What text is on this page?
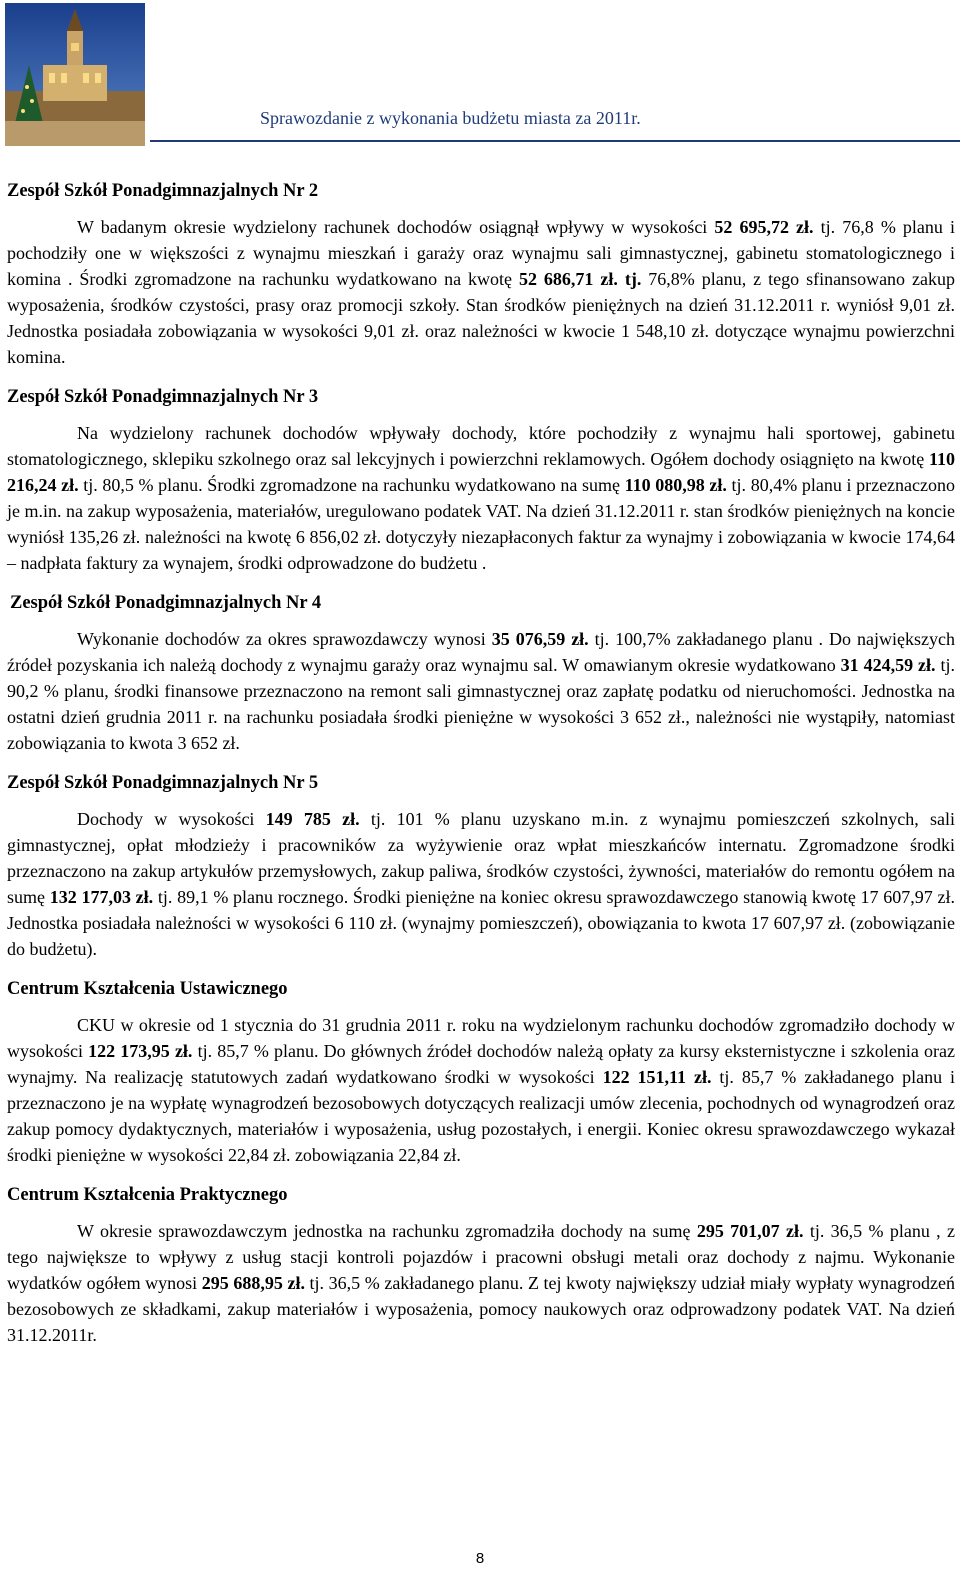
Sprawozdanie z wykonania budżetu miasta za 2011r.
Zespół Szkół Ponadgimnazjalnych Nr 2

W badanym okresie wydzielony rachunek dochodów osiągnął wpływy w wysokości 52 695,72 zł. tj. 76,8 % planu i pochodziły one w większości z wynajmu mieszkań i garaży oraz wynajmu sali gimnastycznej, gabinetu stomatologicznego i komina . Środki zgromadzone na rachunku wydatkowano na kwotę 52 686,71 zł. tj. 76,8% planu, z tego sfinansowano zakup wyposażenia, środków czystości, prasy oraz promocji szkoły. Stan środków pieniężnych na dzień 31.12.2011 r. wyniósł 9,01 zł. Jednostka posiadała zobowiązania w wysokości 9,01 zł. oraz należności w kwocie 1 548,10 zł. dotyczące wynajmu powierzchni komina.

Zespół Szkół Ponadgimnazjalnych Nr 3

Na wydzielony rachunek dochodów wpływały dochody, które pochodziły z wynajmu hali sportowej, gabinetu stomatologicznego, sklepiku szkolnego oraz sal lekcyjnych i powierzchni reklamowych. Ogółem dochody osiągnięto na kwotę 110 216,24 zł. tj. 80,5 % planu. Środki zgromadzone na rachunku wydatkowano na sumę 110 080,98 zł. tj. 80,4% planu i przeznaczono je m.in. na zakup wyposażenia, materiałów, uregulowano podatek VAT. Na dzień 31.12.2011 r. stan środków pieniężnych na koncie wyniósł 135,26 zł. należności na kwotę 6 856,02 zł. dotyczyły niezapłaconych faktur za wynajmy i zobowiązania w kwocie 174,64 – nadpłata faktury za wynajem, środki odprowadzone do budżetu .

Zespół Szkół Ponadgimnazjalnych Nr 4

Wykonanie dochodów za okres sprawozdawczy wynosi 35 076,59 zł. tj. 100,7% zakładanego planu . Do największych źródeł pozyskania ich należą dochody z wynajmu garaży oraz wynajmu sal. W omawianym okresie wydatkowano 31 424,59 zł. tj. 90,2 % planu, środki finansowe przeznaczono na remont sali gimnastycznej oraz zapłatę podatku od nieruchomości. Jednostka na ostatni dzień grudnia 2011 r. na rachunku posiadała środki pieniężne w wysokości 3 652 zł., należności nie wystąpiły, natomiast zobowiązania to kwota 3 652 zł.

Zespół Szkół Ponadgimnazjalnych Nr 5

Dochody w wysokości 149 785 zł. tj. 101 % planu uzyskano m.in. z wynajmu pomieszczeń szkolnych, sali gimnastycznej, opłat młodzieży i pracowników za wyżywienie oraz wpłat mieszkańców internatu. Zgromadzone środki przeznaczono na zakup artykułów przemysłowych, zakup paliwa, środków czystości, żywności, materiałów do remontu ogółem na sumę 132 177,03 zł. tj. 89,1 % planu rocznego. Środki pieniężne na koniec okresu sprawozdawczego stanowią kwotę 17 607,97 zł. Jednostka posiadała należności w wysokości 6 110 zł. (wynajmy pomieszczeń), obowiązania to kwota 17 607,97 zł. (zobowiązanie do budżetu).

Centrum Kształcenia Ustawicznego

CKU w okresie od 1 stycznia do 31 grudnia 2011 r. roku na wydzielonym rachunku dochodów zgromadziło dochody w wysokości 122 173,95 zł. tj. 85,7 % planu. Do głównych źródeł dochodów należą opłaty za kursy eksternistyczne i szkolenia oraz wynajmy. Na realizację statutowych zadań wydatkowano środki w wysokości 122 151,11 zł. tj. 85,7 % zakładanego planu i przeznaczono je na wypłatę wynagrodzeń bezosobowych dotyczących realizacji umów zlecenia, pochodnych od wynagrodzeń oraz zakup pomocy dydaktycznych, materiałów i wyposażenia, usług pozostałych, i energii. Koniec okresu sprawozdawczego wykazał środki pieniężne w wysokości 22,84 zł. zobowiązania 22,84 zł.

Centrum Kształcenia Praktycznego

W okresie sprawozdawczym jednostka na rachunku zgromadziła dochody na sumę 295 701,07 zł. tj. 36,5 % planu , z tego największe to wpływy z usług stacji kontroli pojazdów i pracowni obsługi metali oraz dochody z najmu. Wykonanie wydatków ogółem wynosi 295 688,95 zł. tj. 36,5 % zakładanego planu. Z tej kwoty największy udział miały wypłaty wynagrodzeń bezosobowych ze składkami, zakup materiałów i wyposażenia, pomocy naukowych oraz odprowadzony podatek VAT. Na dzień 31.12.2011r.

8
